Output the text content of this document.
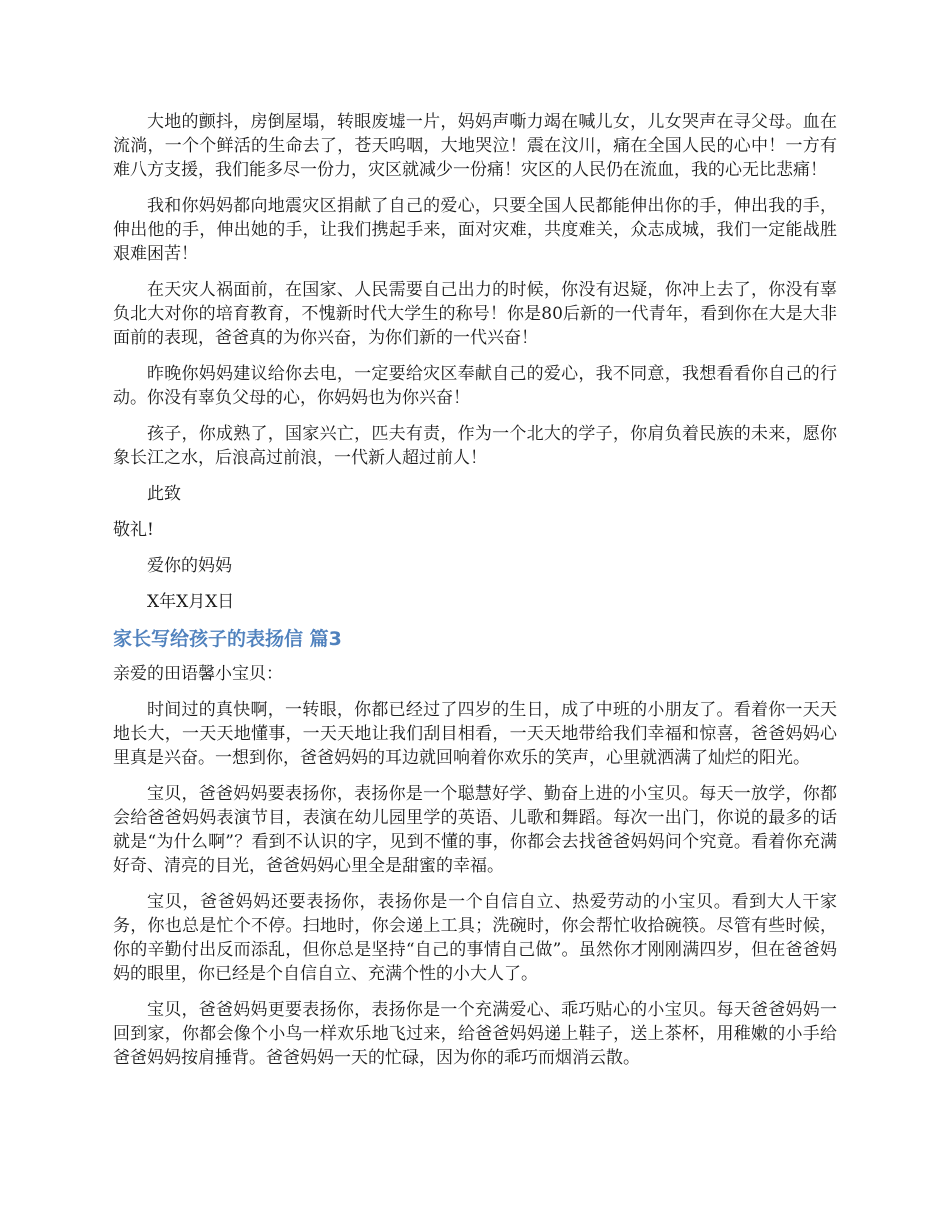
大地的颤抖，房倒屋塌，转眼废墟一片，妈妈声嘶力竭在喊儿女，儿女哭声在寻父母。血在流淌，一个个鲜活的生命去了，苍天呜咽，大地哭泣！震在汶川，痛在全国人民的心中！一方有难八方支援，我们能多尽一份力，灾区就减少一份痛！灾区的人民仍在流血，我的心无比悲痛！

我和你妈妈都向地震灾区捐献了自己的爱心，只要全国人民都能伸出你的手，伸出我的手，伸出他的手，伸出她的手，让我们携起手来，面对灾难，共度难关，众志成城，我们一定能战胜艰难困苦！

在天灾人祸面前，在国家、人民需要自己出力的时候，你没有迟疑，你冲上去了，你没有辜负北大对你的培育教育，不愧新时代大学生的称号！你是80后新的一代青年，看到你在大是大非面前的表现，爸爸真的为你兴奋，为你们新的一代兴奋！

昨晚你妈妈建议给你去电，一定要给灾区奉献自己的爱心，我不同意，我想看看你自己的行动。你没有辜负父母的心，你妈妈也为你兴奋！

孩子，你成熟了，国家兴亡，匹夫有责，作为一个北大的学子，你肩负着民族的未来，愿你象长江之水，后浪高过前浪，一代新人超过前人！

此致

敬礼!

爱你的妈妈

X年X月X日

家长写给孩子的表扬信 篇3

亲爱的田语馨小宝贝：

时间过的真快啊，一转眼，你都已经过了四岁的生日，成了中班的小朋友了。看着你一天天地长大，一天天地懂事，一天天地让我们刮目相看，一天天地带给我们幸福和惊喜，爸爸妈妈心里真是兴奋。一想到你，爸爸妈妈的耳边就回响着你欢乐的笑声，心里就洒满了灿烂的阳光。

宝贝，爸爸妈妈要表扬你，表扬你是一个聪慧好学、勤奋上进的小宝贝。每天一放学，你都会给爸爸妈妈表演节目，表演在幼儿园里学的英语、儿歌和舞蹈。每次一出门，你说的最多的话就是“为什么啊”？看到不认识的字，见到不懂的事，你都会去找爸爸妈妈问个究竟。看着你充满好奇、清亮的目光，爸爸妈妈心里全是甜蜜的幸福。

宝贝，爸爸妈妈还要表扬你，表扬你是一个自信自立、热爱劳动的小宝贝。看到大人干家务，你也总是忙个不停。扫地时，你会递上工具；洗碗时，你会帮忙收拾碗筷。尽管有些时候，你的辛勤付出反而添乱，但你总是坚持“自己的事情自己做”。虽然你才刚刚满四岁，但在爸爸妈妈的眼里，你已经是个自信自立、充满个性的小大人了。

宝贝，爸爸妈妈更要表扬你，表扬你是一个充满爱心、乖巧贴心的小宝贝。每天爸爸妈妈一回到家，你都会像个小鸟一样欢乐地飞过来，给爸爸妈妈递上鞋子，送上茶杯，用稚嫩的小手给爸爸妈妈按肩捶背。爸爸妈妈一天的忙碌，因为你的乖巧而烟消云散。
